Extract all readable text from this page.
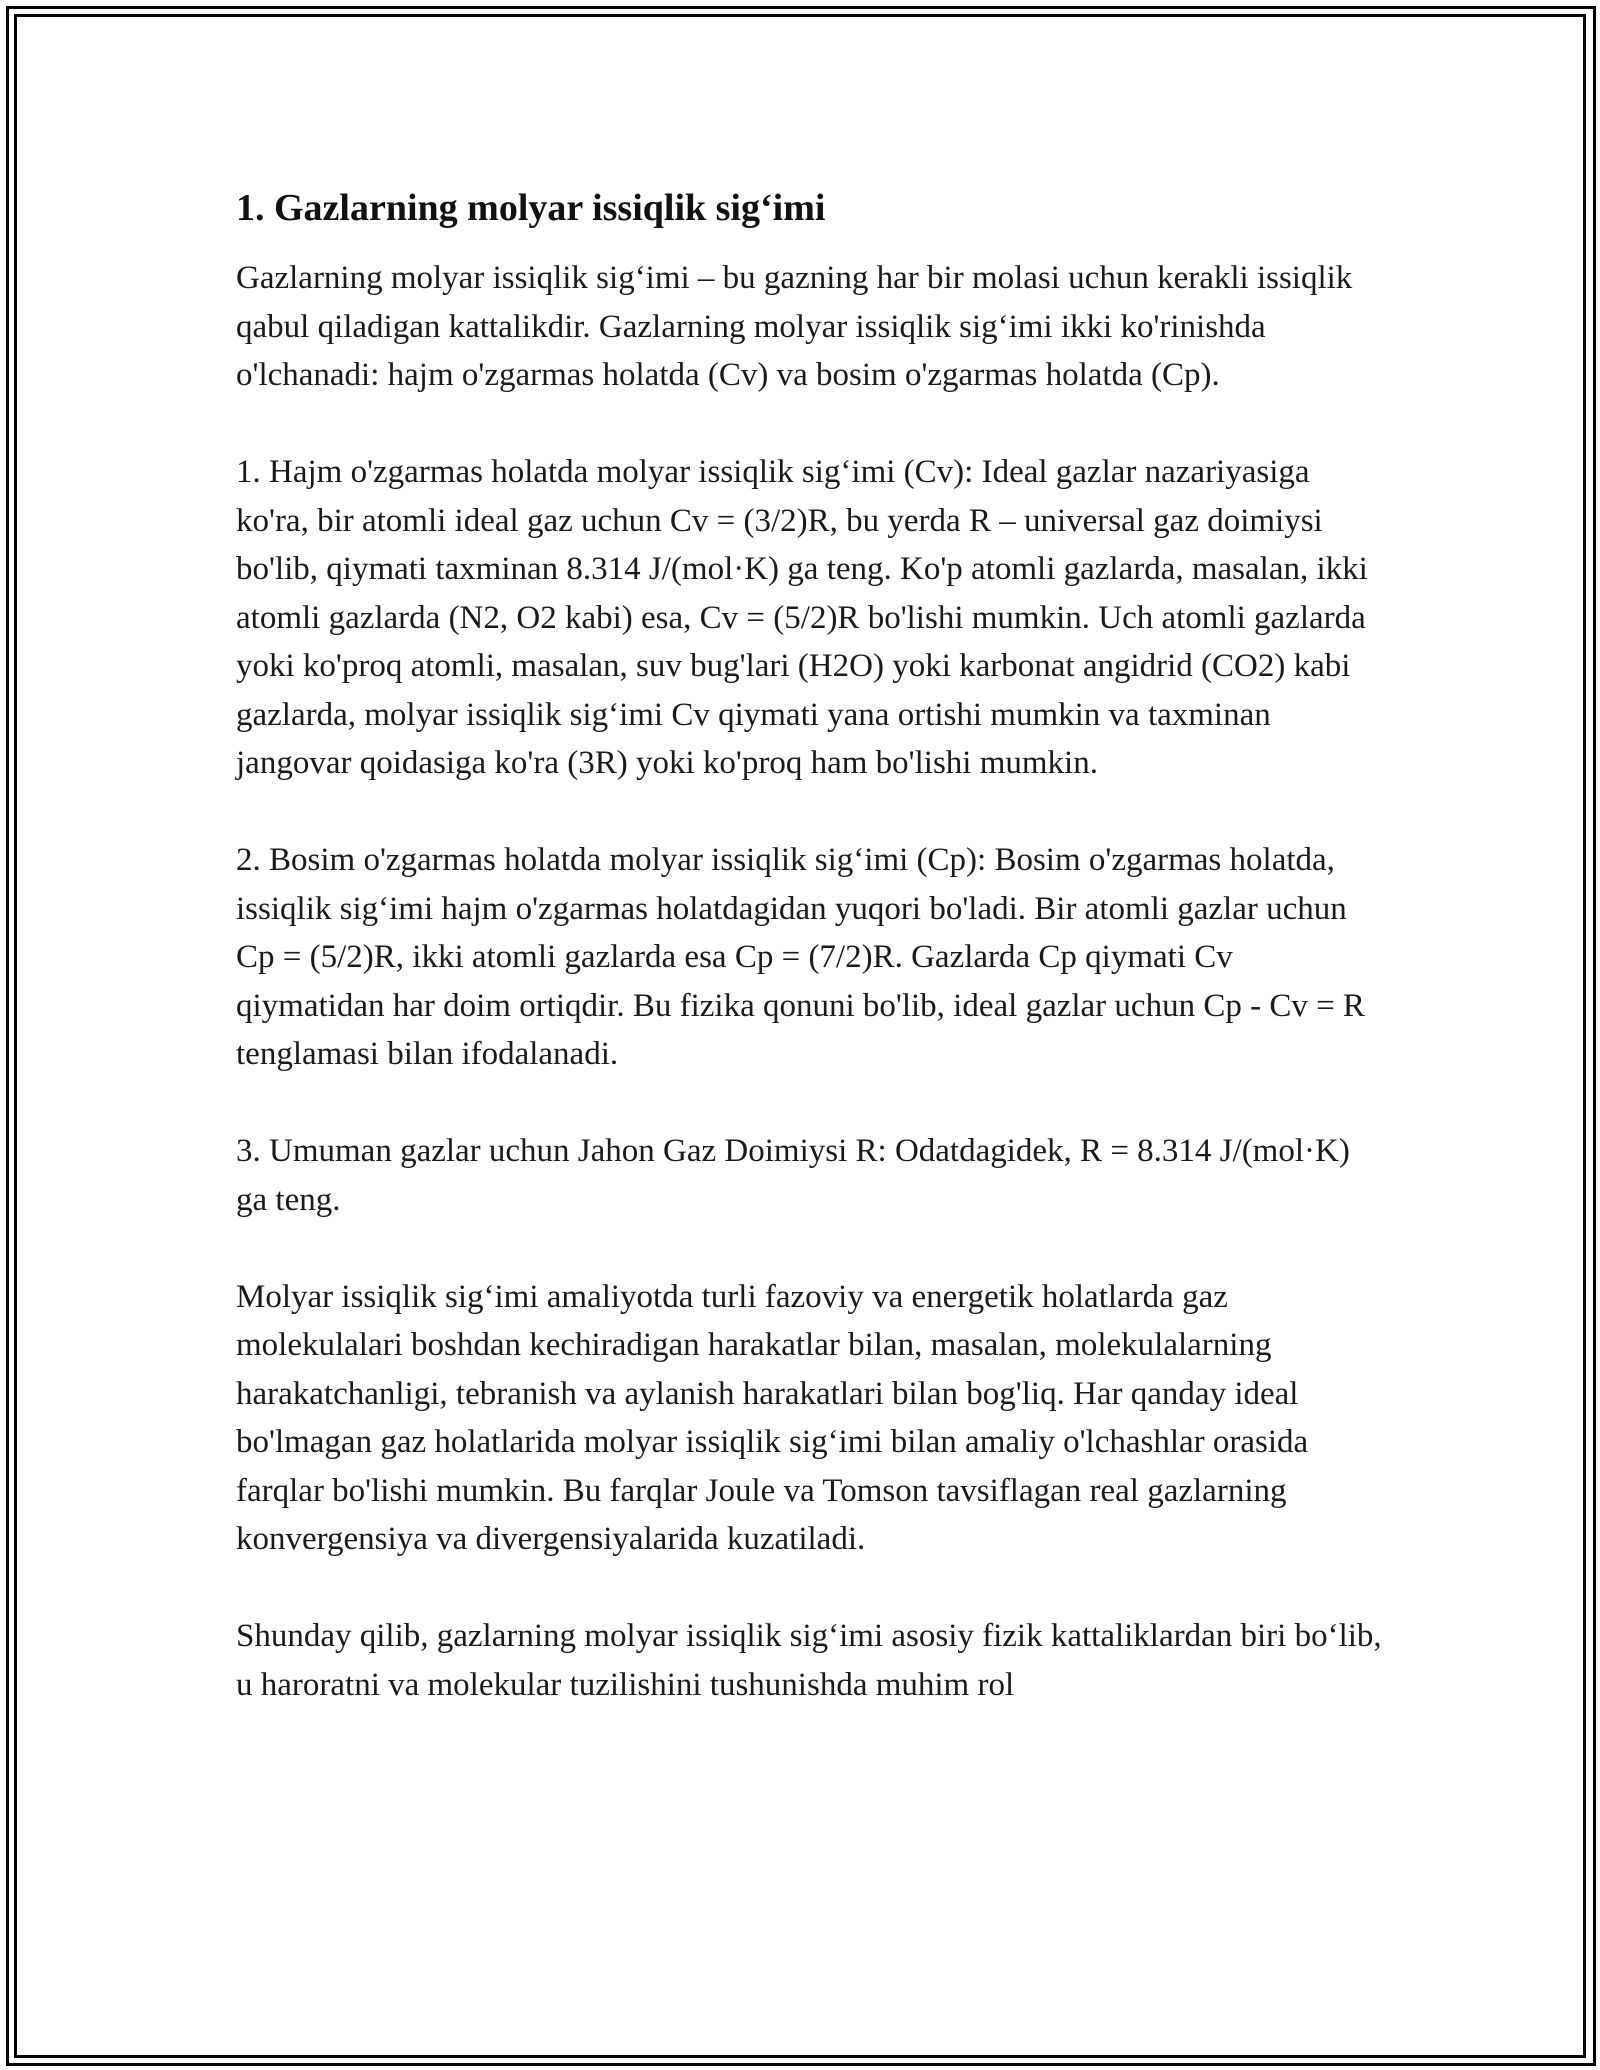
1. Gazlarning molyar issiqlik sig‘imi

Gazlarning molyar issiqlik sig‘imi – bu gazning har bir molasi uchun kerakli issiqlik qabul qiladigan kattalikdir. Gazlarning molyar issiqlik sig‘imi ikki ko'rinishda o'lchanadi: hajm o'zgarmas holatda (Cv) va bosim o'zgarmas holatda (Cp).

1. Hajm o'zgarmas holatda molyar issiqlik sig‘imi (Cv): Ideal gazlar nazariyasiga ko'ra, bir atomli ideal gaz uchun Cv = (3/2)R, bu yerda R – universal gaz doimiysi bo'lib, qiymati taxminan 8.314 J/(mol·K) ga teng. Ko'p atomli gazlarda, masalan, ikki atomli gazlarda (N2, O2 kabi) esa, Cv = (5/2)R bo'lishi mumkin. Uch atomli gazlarda yoki ko'proq atomli, masalan, suv bug'lari (H2O) yoki karbonat angidrid (CO2) kabi gazlarda, molyar issiqlik sig‘imi Cv qiymati yana ortishi mumkin va taxminan jangovar qoidasiga ko'ra (3R) yoki ko'proq ham bo'lishi mumkin.

2. Bosim o'zgarmas holatda molyar issiqlik sig‘imi (Cp): Bosim o'zgarmas holatda, issiqlik sig‘imi hajm o'zgarmas holatdagidan yuqori bo'ladi. Bir atomli gazlar uchun Cp = (5/2)R, ikki atomli gazlarda esa Cp = (7/2)R. Gazlarda Cp qiymati Cv qiymatidan har doim ortiqdir. Bu fizika qonuni bo'lib, ideal gazlar uchun Cp - Cv = R tenglamasi bilan ifodalanadi.

3. Umuman gazlar uchun Jahon Gaz Doimiysi R: Odatdagidek, R = 8.314 J/(mol·K) ga teng.

Molyar issiqlik sig‘imi amaliyotda turli fazoviy va energetik holatlarda gaz molekulalari boshdan kechiradigan harakatlar bilan, masalan, molekulalarning harakatchanligi, tebranish va aylanish harakatlari bilan bog'liq. Har qanday ideal bo'lmagan gaz holatlarida molyar issiqlik sig‘imi bilan amaliy o'lchashlar orasida farqlar bo'lishi mumkin. Bu farqlar Joule va Tomson tavsiflagan real gazlarning konvergensiya va divergensiyalarida kuzatiladi.

Shunday qilib, gazlarning molyar issiqlik sig‘imi asosiy fizik kattaliklardan biri bo‘lib, u haroratni va molekular tuzilishini tushunishda muhim rol
